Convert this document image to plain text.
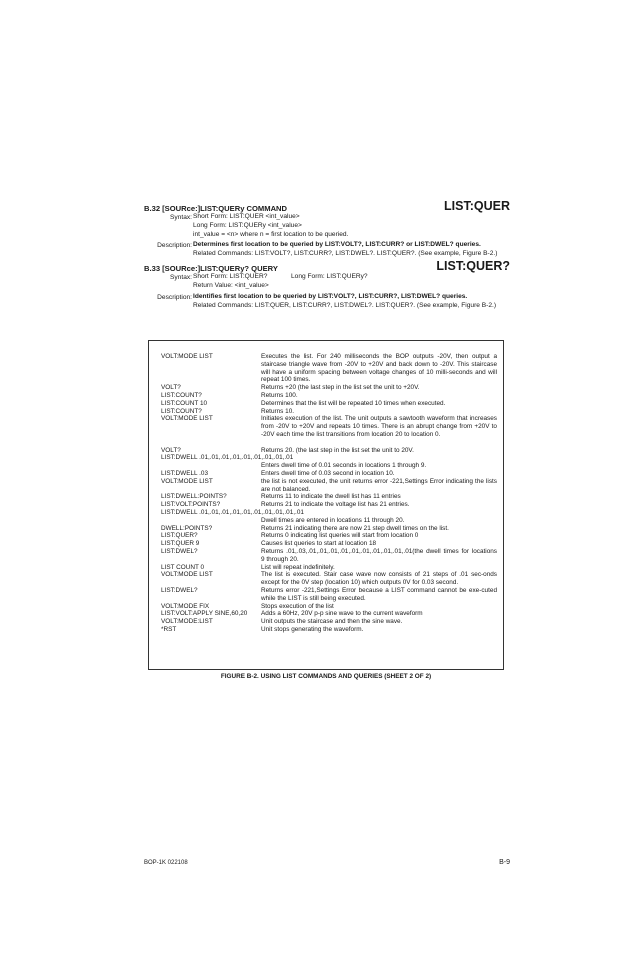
B.32 [SOURce:]LIST:QUERy COMMAND	LIST:QUER
Syntax: Short Form: LIST:QUER <int_value>
Long Form: LIST:QUERy <int_value>
int_value = <n> where n = first location to be queried.
Description: Determines first location to be queried by LIST:VOLT?, LIST:CURR? or LIST:DWEL? queries.
Related Commands: LIST:VOLT?, LIST:CURR?, LIST:DWEL?. LIST:QUER?. (See example, Figure B-2.)
B.33 [SOURce:]LIST:QUERy? QUERY	LIST:QUER?
Syntax: Short Form: LIST:QUER?	Long Form: LIST:QUERy?
Return Value: <int_value>
Description: Identifies first location to be queried by LIST:VOLT?, LIST:CURR?, LIST:DWEL? queries.
Related Commands: LIST:QUER, LIST:CURR?, LIST:DWEL?. LIST:QUER?. (See example, Figure B-2.)
VOLT:MODE LIST	Executes the list. For 240 milliseconds the BOP outputs -20V, then output a staircase triangle wave from -20V to +20V and back down to -20V. This staircase will have a uniform spacing between voltage changes of 10 milli-seconds and will repeat 100 times.
VOLT?	Returns +20 (the last step in the list set the unit to +20V.
LIST:COUNT?	Returns 100.
LIST:COUNT 10	Determines that the list will be repeated 10 times when executed.
LIST:COUNT?	Returns 10.
VOLT:MODE LIST	Initiates execution of the list. The unit outputs a sawtooth waveform that increases from -20V to +20V and repeats 10 times. There is an abrupt change from +20V to -20V each time the list transitions from location 20 to location 0.
VOLT?	Returns 20. (the last step in the list set the unit to 20V.
LIST:DWELL .01,.01,.01,.01,.01,.01,.01,.01,.01
Enters dwell time of 0.01 seconds in locations 1 through 9.
LIST:DWELL .03	Enters dwell time of 0.03 second in location 10.
VOLT:MODE LIST	the list is not executed, the unit returns error -221,Settings Error indicating the lists are not balanced.
LIST:DWELL:POINTS?	Returns 11 to indicate the dwell list has 11 entries
LIST:VOLT:POINTS?	Returns 21 to indicate the voltage list has 21 entries.
LIST:DWELL .01,.01,.01,.01,.01,.01,.01,.01,.01,.01
Dwell times are entered in locations 11 through 20.
DWELL:POINTS?	Returns 21 indicating there are now 21 step dwell times on the list.
LIST:QUER?	Returns 0 indicating list queries will start from location 0
LIST:QUER 9	Causes list queries to start at location 18
LIST:DWEL?	Returns .01,.03,.01,.01,.01,.01,.01,.01,.01,.01,.01,.01(the dwell times for locations 9 through 20.
LIST COUNT 0	List will repeat indefinitely.
VOLT:MODE LIST	The list is executed. Stair case wave now consists of 21 steps of .01 sec-onds except for the 0V step (location 10) which outputs 0V for 0.03 second.
LIST:DWEL?	Returns error -221,Settings Error because a LIST command cannot be exe-cuted while the LIST is still being executed.
VOLT:MODE FIX	Stops execution of the list
LIST:VOLT:APPLY SINE,60,20	Adds a 60Hz, 20V p-p sine wave to the current waveform
VOLT:MODE:LIST	Unit outputs the staircase and then the sine wave.
*RST	Unit stops generating the waveform.
FIGURE B-2. USING LIST COMMANDS AND QUERIES (SHEET 2 OF 2)
BOP-1K 022108	B-9
